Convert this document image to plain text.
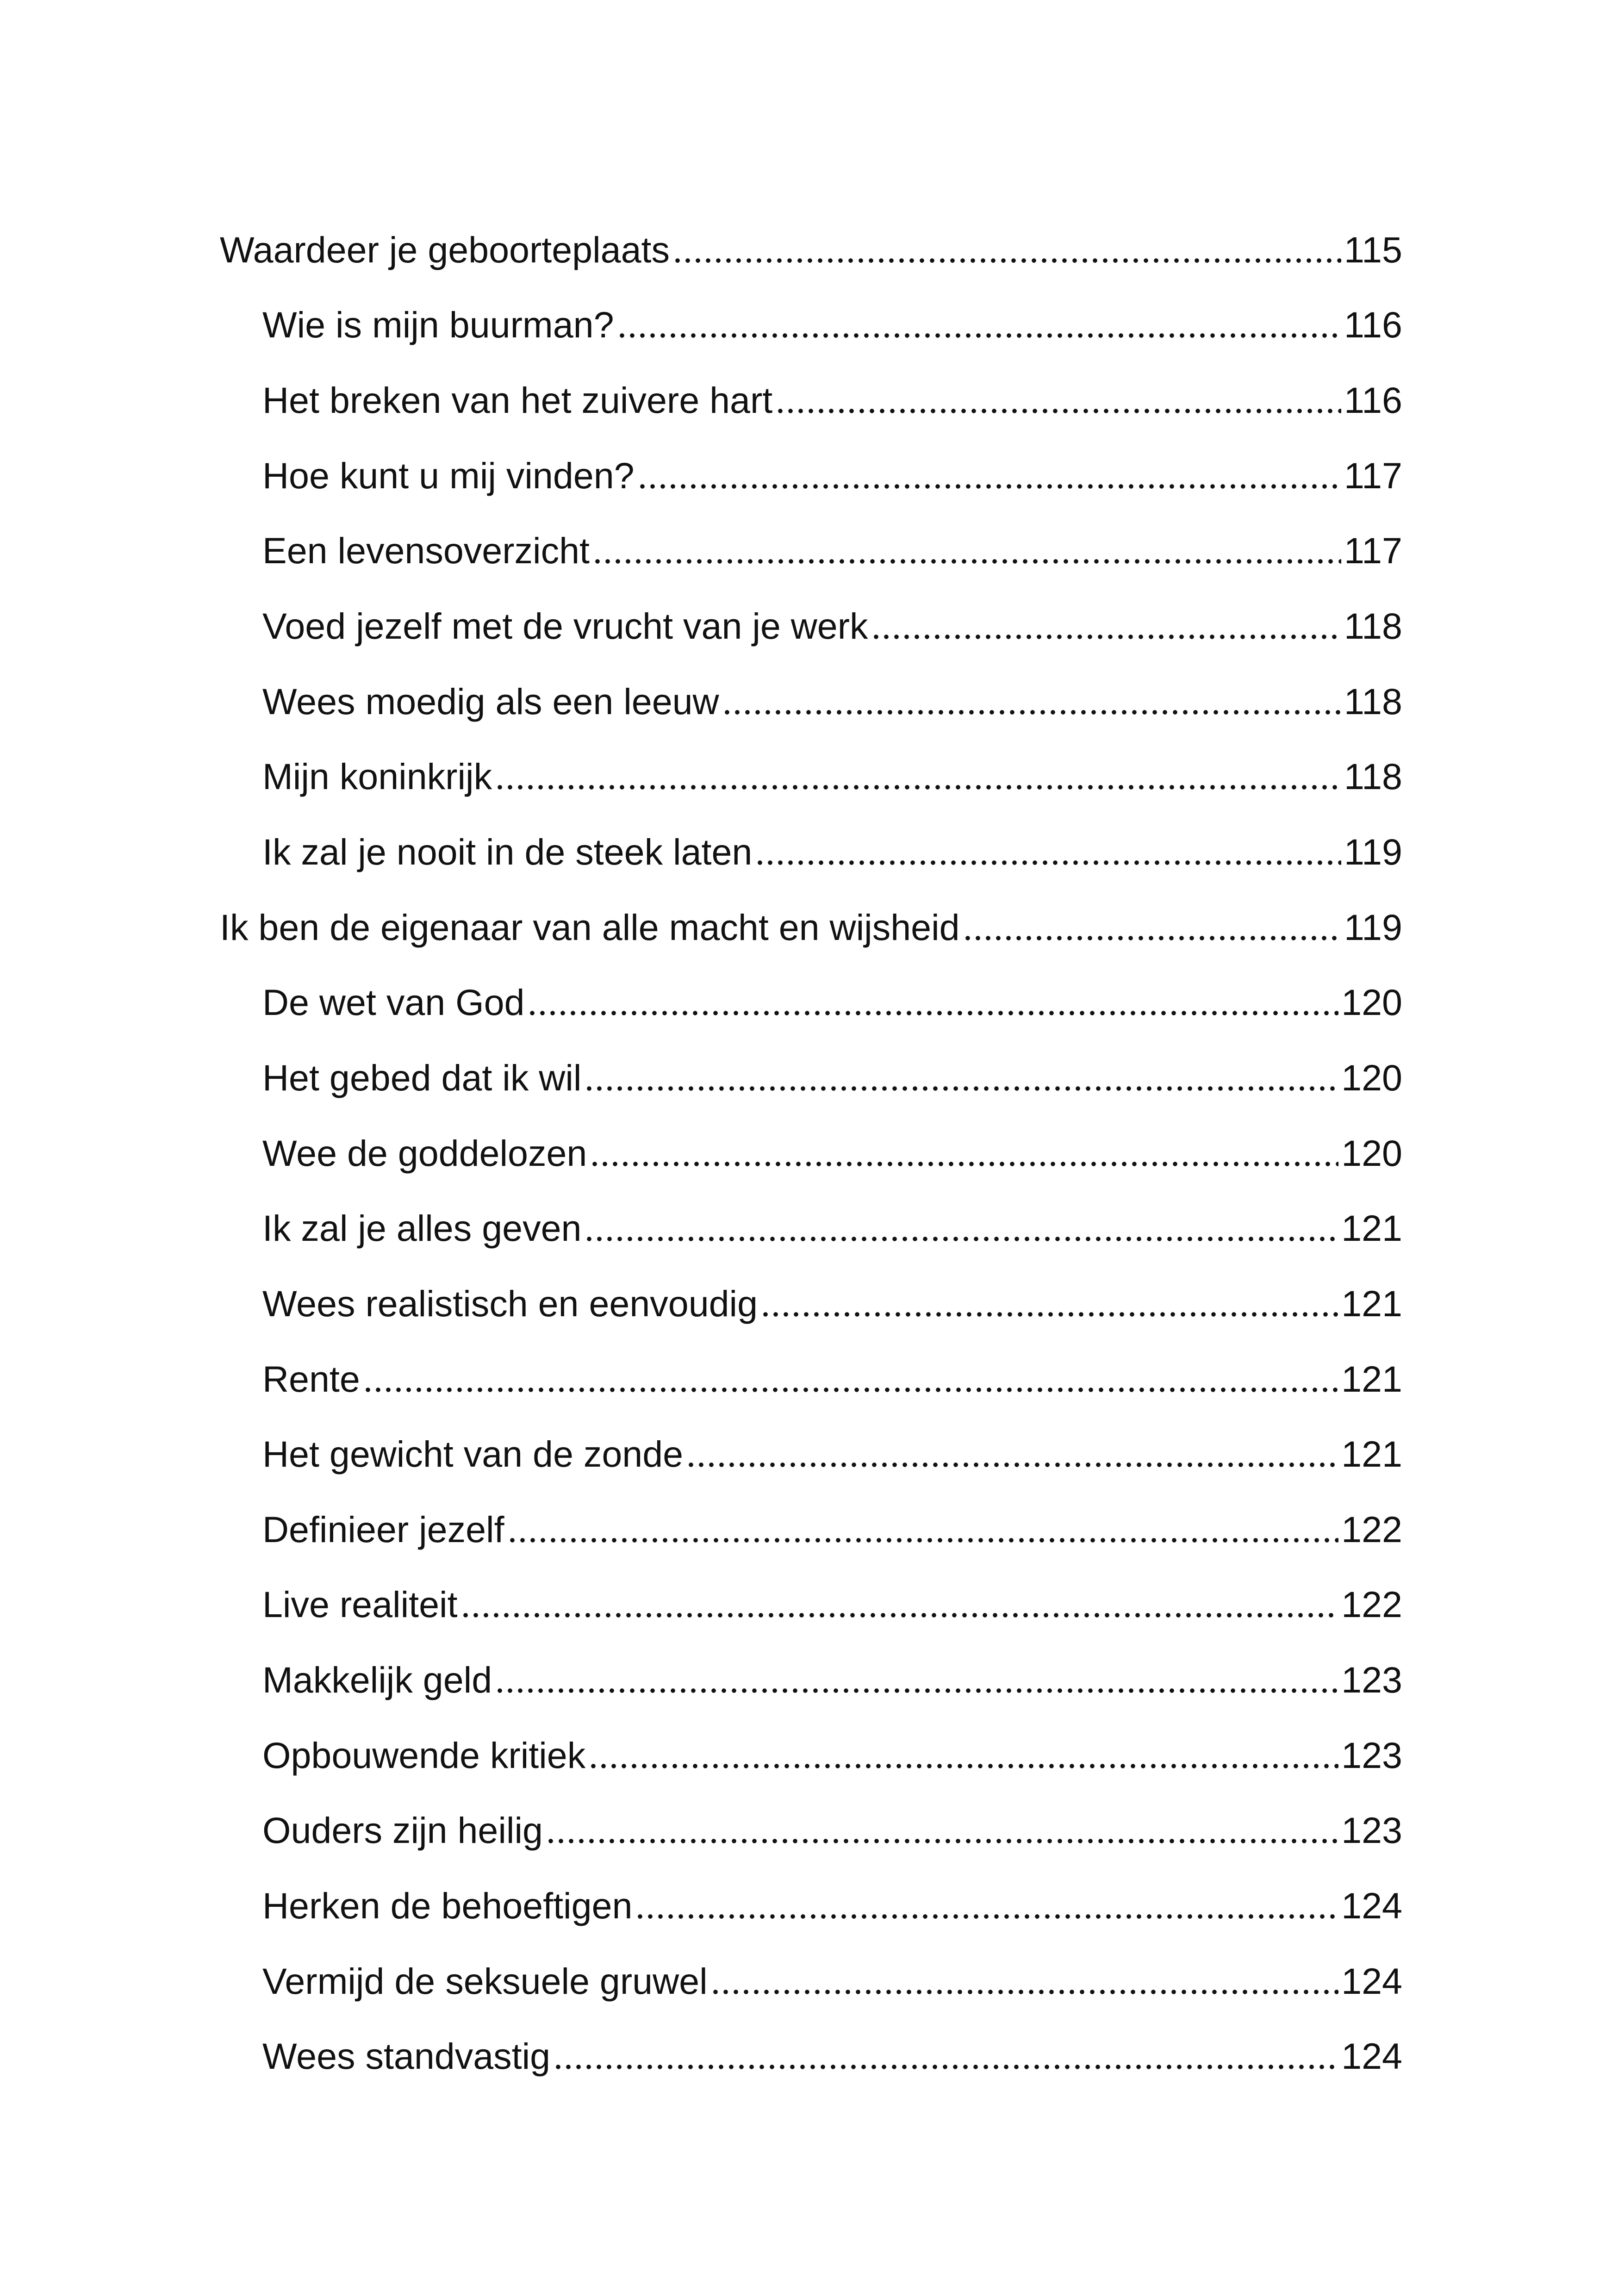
Waardeer je geboorteplaats	115
Wie is mijn buurman?	116
Het breken van het zuivere hart	116
Hoe kunt u mij vinden?	117
Een levensoverzicht	117
Voed jezelf met de vrucht van je werk	118
Wees moedig als een leeuw	118
Mijn koninkrijk	118
Ik zal je nooit in de steek laten	119
Ik ben de eigenaar van alle macht en wijsheid	119
De wet van God	120
Het gebed dat ik wil	120
Wee de goddelozen	120
Ik zal je alles geven	121
Wees realistisch en eenvoudig	121
Rente	121
Het gewicht van de zonde	121
Definieer jezelf	122
Live realiteit	122
Makkelijk geld	123
Opbouwende kritiek	123
Ouders zijn heilig	123
Herken de behoeftigen	124
Vermijd de seksuele gruwel	124
Wees standvastig	124
